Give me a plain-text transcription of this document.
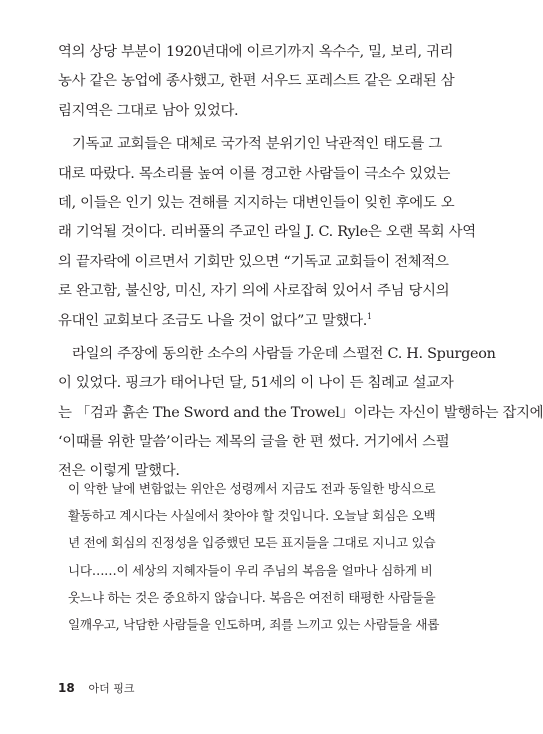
역의 상당 부분이 1920년대에 이르기까지 옥수수, 밀, 보리, 귀리
농사 같은 농업에 종사했고, 한편 서우드 포레스트 같은 오래된 삼
림지역은 그대로 남아 있었다.
기독교 교회들은 대체로 국가적 분위기인 낙관적인 태도를 그
대로 따랐다. 목소리를 높여 이를 경고한 사람들이 극소수 있었는
데, 이들은 인기 있는 견해를 지지하는 대변인들이 잊힌 후에도 오
래 기억될 것이다. 리버풀의 주교인 라일 J. C. Ryle은 오랜 목회 사역
의 끝자락에 이르면서 기회만 있으면 “기독교 교회들이 전체적으
로 완고함, 불신앙, 미신, 자기 의에 사로잡혀 있어서 주님 당시의
유대인 교회보다 조금도 나을 것이 없다”고 말했다.$^1$
라일의 주장에 동의한 소수의 사람들 가운데 스펄전 C. H. Spurgeon
이 있었다. 핑크가 태어나던 달, 51세의 이 나이 든 침례교 설교자
는 「검과 흙손 The Sword and the Trowel」이라는 자신이 발행하는 잡지에
‘이때를 위한 말씀’이라는 제목의 글을 한 편 썼다. 거기에서 스펄
전은 이렇게 말했다.
이 악한 날에 변함없는 위안은 성령께서 지금도 전과 동일한 방식으로
활동하고 계시다는 사실에서 찾아야 할 것입니다. 오늘날 회심은 오백
년 전에 회심의 진정성을 입증했던 모든 표지들을 그대로 지니고 있습
니다……이 세상의 지혜자들이 우리 주님의 복음을 얼마나 심하게 비
웃느냐 하는 것은 중요하지 않습니다. 복음은 여전히 태평한 사람들을
일깨우고, 낙담한 사람들을 인도하며, 죄를 느끼고 있는 사람들을 새롭
18 아더 핑크
